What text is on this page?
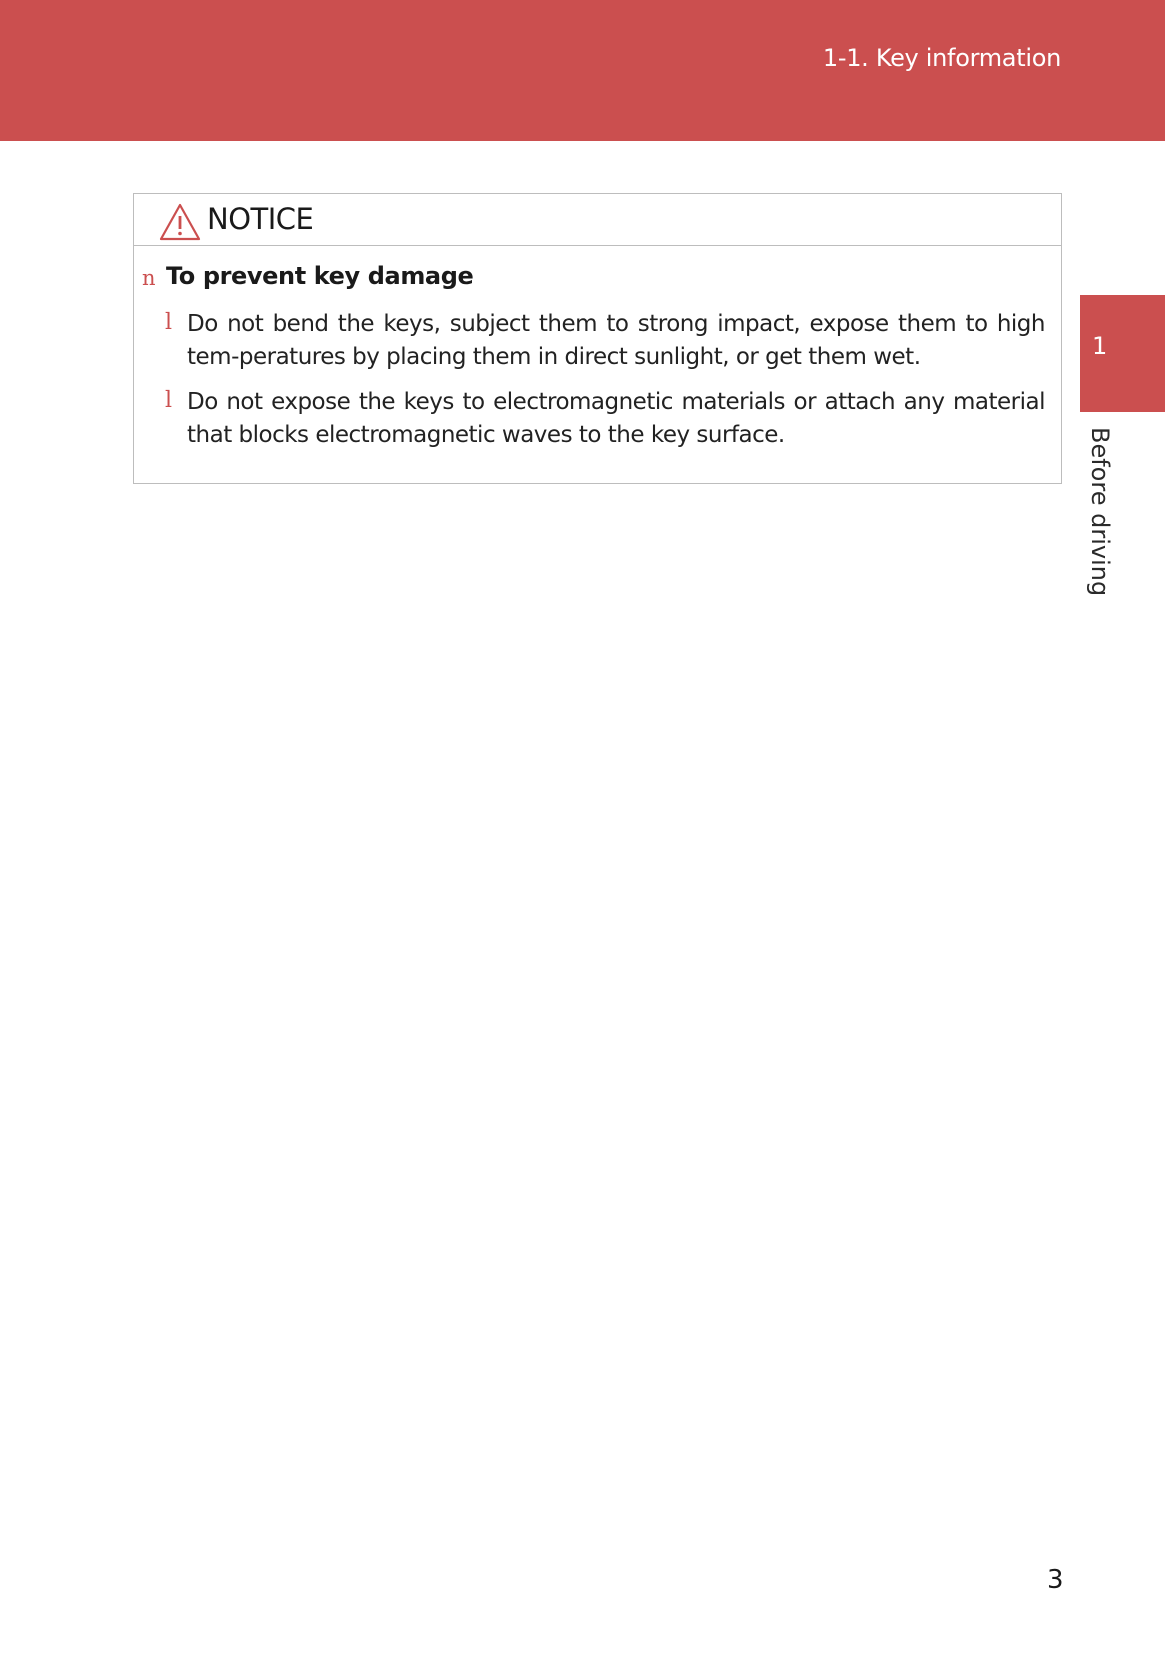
1-1. Key information
1
Before driving
NOTICE
n To prevent key damage
l Do not bend the keys, subject them to strong impact, expose them to high tem-peratures by placing them in direct sunlight, or get them wet.
l Do not expose the keys to electromagnetic materials or attach any material that blocks electromagnetic waves to the key surface.
3
